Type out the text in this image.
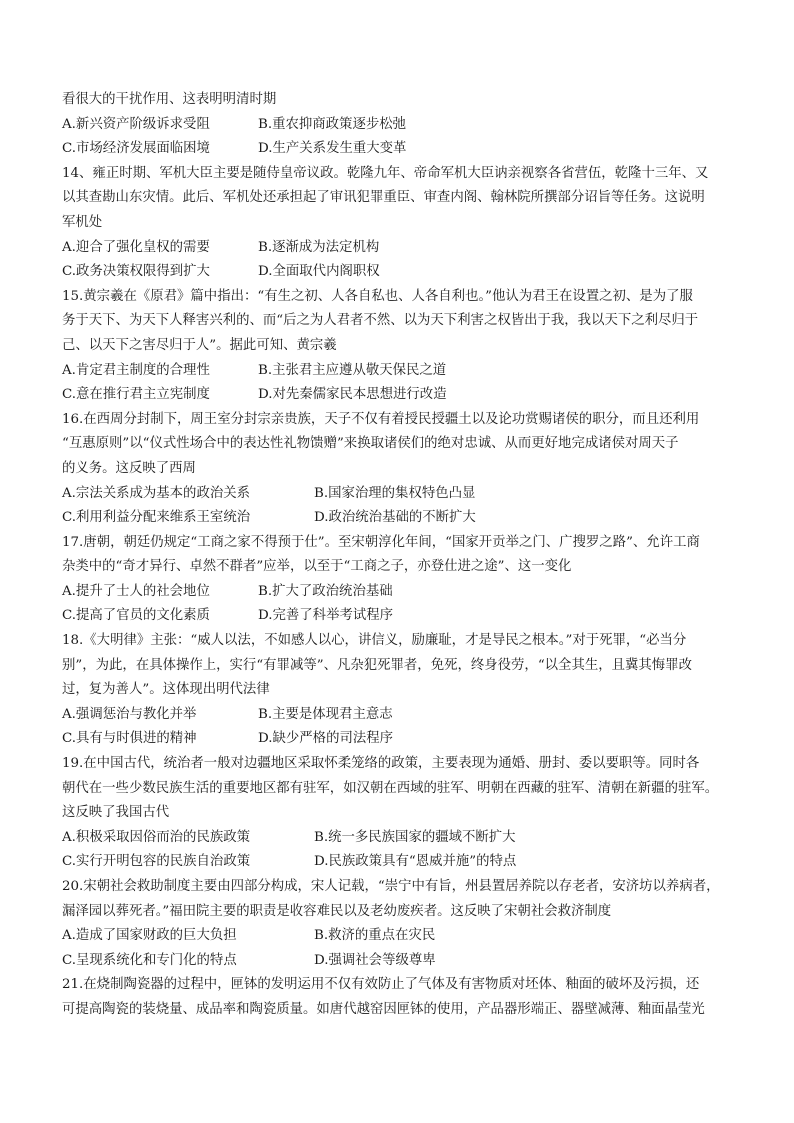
看很大的干扰作用、这表明明清时期
A.新兴资产阶级诉求受阻	B.重农抑商政策逐步松弛
C.市场经济发展面临困境	D.生产关系发生重大变革
14、雍正时期、军机大臣主要是随侍皇帝议政。乾隆九年、帝命军机大臣讷亲视察各省营伍，乾隆十三年、又
以其查勘山东灾情。此后、军机处还承担起了审讯犯罪重臣、审查内阁、翰林院所撰部分诏旨等任务。这说明
军机处
A.迎合了强化皇权的需要	B.逐渐成为法定机构
C.政务决策权限得到扩大	D.全面取代内阁职权
15.黄宗羲在《原君》篇中指出：“有生之初、人各自私也、人各自利也。”他认为君王在设置之初、是为了服
务于天下、为天下人释害兴利的、而“后之为人君者不然、以为天下利害之权皆出于我，我以天下之利尽归于
己、以天下之害尽归于人”。据此可知、黄宗羲
A.肯定君主制度的合理性	B.主张君主应遵从敬天保民之道
C.意在推行君主立宪制度	D.对先秦儒家民本思想进行改造
16.在西周分封制下，周王室分封宗亲贵族，天子不仅有着授民授疆土以及论功赏赐诸侯的职分，而且还利用
“互惠原则”以“仪式性场合中的表达性礼物馈赠”来换取诸侯们的绝对忠诚、从而更好地完成诸侯对周天子
的义务。这反映了西周
A.宗法关系成为基本的政治关系	B.国家治理的集权特色凸显
C.利用利益分配来维系王室统治	D.政治统治基础的不断扩大
17.唐朝，朝廷仍规定“工商之家不得预于仕”。至宋朝淳化年间，“国家开贡举之门、广搜罗之路”、允许工商
杂类中的“奇才异行、卓然不群者”应举，以至于“工商之子，亦登仕进之途”、这一变化
A.提升了士人的社会地位	B.扩大了政治统治基础
C.提高了官员的文化素质	D.完善了科举考试程序
18.《大明律》主张：“威人以法，不如感人以心，讲信义，励廉耻，才是导民之根本。”对于死罪，“必当分
别”，为此，在具体操作上，实行“有罪减等”、凡杂犯死罪者，免死，终身役劳，“以全其生，且冀其悔罪改
过，复为善人”。这体现出明代法律
A.强调惩治与教化并举	B.主要是体现君主意志
C.具有与时俱进的精神	D.缺少严格的司法程序
19.在中国古代，统治者一般对边疆地区采取怀柔笼络的政策，主要表现为通婚、册封、委以要职等。同时各
朝代在一些少数民族生活的重要地区都有驻军，如汉朝在西域的驻军、明朝在西藏的驻军、清朝在新疆的驻军。
这反映了我国古代
A.积极采取因俗而治的民族政策	B.统一多民族国家的疆域不断扩大
C.实行开明包容的民族自治政策	D.民族政策具有“恩威并施”的特点
20.宋朝社会救助制度主要由四部分构成，宋人记载，“崇宁中有旨，州县置居养院以存老者，安济坊以养病者，
漏泽园以葬死者。”福田院主要的职责是收容难民以及老幼废疾者。这反映了宋朝社会救济制度
A.造成了国家财政的巨大负担	B.救济的重点在灾民
C.呈现系统化和专门化的特点	D.强调社会等级尊卑
21.在烧制陶瓷器的过程中，匣钵的发明运用不仅有效防止了气体及有害物质对坯体、釉面的破坏及污损，还
可提高陶瓷的装烧量、成品率和陶瓷质量。如唐代越窑因匣钵的使用，产品器形端正、器壁减薄、釉面晶莹光
